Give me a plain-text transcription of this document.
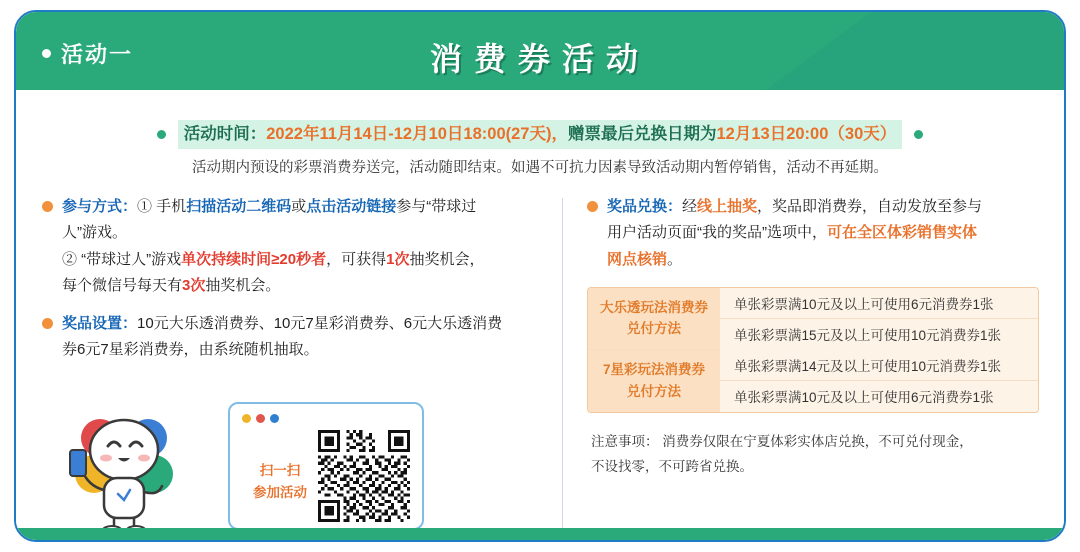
活动一	消费券活动
活动时间：2022年11月14日-12月10日18:00(27天)，赠票最后兑换日期为12月13日20:00（30天）
活动期内预设的彩票消费券送完，活动随即结束。如遇不可抗力因素导致活动期内暂停销售，活动不再延期。
参与方式：① 手机扫描活动二维码或点击活动链接参与“带球过
人”游戏。
② “带球过人”游戏单次持续时间≥20秒者，可获得1次抽奖机会，
每个微信号每天有3次抽奖机会。
奖品设置：10元大乐透消费券、10元7星彩消费券、6元大乐透消费
券6元7星彩消费券，由系统随机抽取。
扫一扫
参加活动
奖品兑换：经线上抽奖，奖品即消费券，自动发放至参与
用户活动页面“我的奖品”选项中，可在全区体彩销售实体
网点核销。
大乐透玩法消费券
兑付方法
单张彩票满10元及以上可使用6元消费券1张
单张彩票满15元及以上可使用10元消费券1张
7星彩玩法消费券
兑付方法
单张彩票满14元及以上可使用10元消费券1张
单张彩票满10元及以上可使用6元消费券1张
注意事项： 消费券仅限在宁夏体彩实体店兑换，不可兑付现金，
不设找零，不可跨省兑换。
